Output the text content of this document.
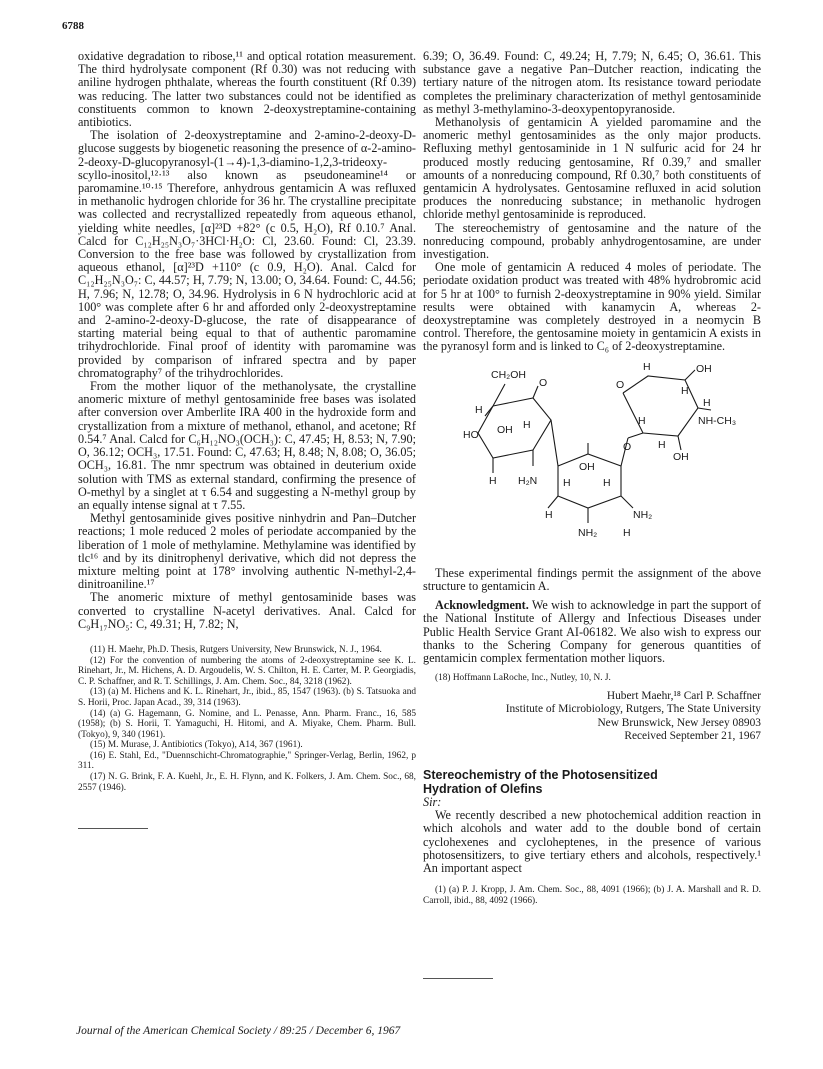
6788

oxidative degradation to ribose,¹¹ and optical rotation measurement. The third hydrolysate component (Rf 0.30) was not reducing with aniline hydrogen phthalate, whereas the fourth constituent (Rf 0.39) was reducing. The latter two substances could not be identified as constituents common to known 2-deoxystreptamine-containing antibiotics.

The isolation of 2-deoxystreptamine and 2-amino-2-deoxy-D-glucose suggests by biogenetic reasoning the presence of α-2-amino-2-deoxy-D-glucopyranosyl-(1→4)-1,3-diamino-1,2,3-trideoxy-scyllo-inositol,¹²·¹³ also known as pseudoneamine¹⁴ or paromamine.¹⁰·¹⁵ Therefore, anhydrous gentamicin A was refluxed in methanolic hydrogen chloride for 36 hr. The crystalline precipitate was collected and recrystallized repeatedly from aqueous ethanol, yielding white needles, [α]²³D +82° (c 0.5, H₂O), Rf 0.10.⁷ Anal. Calcd for C₁₂H₂₅N₃O₇·3HCl·H₂O: Cl, 23.60. Found: Cl, 23.39. Conversion to the free base was followed by crystallization from aqueous ethanol, [α]²³D +110° (c 0.9, H₂O). Anal. Calcd for C₁₂H₂₅N₃O₇: C, 44.57; H, 7.79; N, 13.00; O, 34.64. Found: C, 44.56; H, 7.96; N, 12.78; O, 34.96. Hydrolysis in 6 N hydrochloric acid at 100° was complete after 6 hr and afforded only 2-deoxystreptamine and 2-amino-2-deoxy-D-glucose, the rate of disappearance of starting material being equal to that of authentic paromamine trihydrochloride. Final proof of identity with paromamine was provided by comparison of infrared spectra and by paper chromatography⁷ of the trihydrochlorides.

From the mother liquor of the methanolysate, the crystalline anomeric mixture of methyl gentosaminide free bases was isolated after conversion over Amberlite IRA 400 in the hydroxide form and crystallization from a mixture of methanol, ethanol, and acetone; Rf 0.54.⁷ Anal. Calcd for C₆H₁₂NO₃(OCH₃): C, 47.45; H, 8.53; N, 7.90; O, 36.12; OCH₃, 17.51. Found: C, 47.63; H, 8.48; N, 8.08; O, 36.05; OCH₃, 16.81. The nmr spectrum was obtained in deuterium oxide solution with TMS as external standard, confirming the presence of O-methyl by a singlet at τ 6.54 and suggesting a N-methyl group by an equally intense signal at τ 7.55.

Methyl gentosaminide gives positive ninhydrin and Pan–Dutcher reactions; 1 mole reduced 2 moles of periodate accompanied by the liberation of 1 mole of methylamine. Methylamine was identified by tlc¹⁶ and by its dinitrophenyl derivative, which did not depress the mixture melting point at 178° involving authentic N-methyl-2,4-dinitroaniline.¹⁷

The anomeric mixture of methyl gentosaminide bases was converted to crystalline N-acetyl derivatives. Anal. Calcd for C₉H₁₇NO₅: C, 49.31; H, 7.82; N,

(11) H. Maehr, Ph.D. Thesis, Rutgers University, New Brunswick, N. J., 1964.

(12) For the convention of numbering the atoms of 2-deoxystreptamine see K. L. Rinehart, Jr., M. Hichens, A. D. Argoudelis, W. S. Chilton, H. E. Carter, M. P. Georgiadis, C. P. Schaffner, and R. T. Schillings, J. Am. Chem. Soc., 84, 3218 (1962).

(13) (a) M. Hichens and K. L. Rinehart, Jr., ibid., 85, 1547 (1963). (b) S. Tatsuoka and S. Horii, Proc. Japan Acad., 39, 314 (1963).

(14) (a) G. Hagemann, G. Nomine, and L. Penasse, Ann. Pharm. Franc., 16, 585 (1958); (b) S. Horii, T. Yamaguchi, H. Hitomi, and A. Miyake, Chem. Pharm. Bull. (Tokyo), 9, 340 (1961).

(15) M. Murase, J. Antibiotics (Tokyo), A14, 367 (1961).

(16) E. Stahl, Ed., "Duennschicht-Chromatographie," Springer-Verlag, Berlin, 1962, p 311.

(17) N. G. Brink, F. A. Kuehl, Jr., E. H. Flynn, and K. Folkers, J. Am. Chem. Soc., 68, 2557 (1946).

6.39; O, 36.49. Found: C, 49.24; H, 7.79; N, 6.45; O, 36.61. This substance gave a negative Pan–Dutcher reaction, indicating the tertiary nature of the nitrogen atom. Its resistance toward periodate completes the preliminary characterization of methyl gentosaminide as methyl 3-methylamino-3-deoxypentopyranoside.

Methanolysis of gentamicin A yielded paromamine and the anomeric methyl gentosaminides as the only major products. Refluxing methyl gentosaminide in 1 N sulfuric acid for 24 hr produced mostly reducing gentosamine, Rf 0.39,⁷ and smaller amounts of a nonreducing compound, Rf 0.30,⁷ both constituents of gentamicin A hydrolysates. Gentosamine refluxed in acid solution produces the nonreducing substance; in methanolic hydrogen chloride methyl gentosaminide is reproduced.

The stereochemistry of gentosamine and the nature of the nonreducing compound, probably anhydrogentosamine, are under investigation.

One mole of gentamicin A reduced 4 moles of periodate. The periodate oxidation product was treated with 48% hydrobromic acid for 5 hr at 100° to furnish 2-deoxystreptamine in 90% yield. Similar results were obtained with kanamycin A, whereas 2-deoxystreptamine was completely destroyed in a neomycin B control. Therefore, the gentosamine moiety in gentamicin A exists in the pyranosyl form and is linked to C₆ of 2-deoxystreptamine.

CH₂OH
H
O
OH
HO
H
H H₂N
OH
H	H
NH₂
NH₂ H
H
O
O
H	OH
H
H
NH-CH₃
H
OH
H

These experimental findings permit the assignment of the above structure to gentamicin A.

Acknowledgment. We wish to acknowledge in part the support of the National Institute of Allergy and Infectious Diseases under Public Health Service Grant AI-06182. We also wish to express our thanks to the Schering Company for generous quantities of gentamicin complex fermentation mother liquors.

(18) Hoffmann LaRoche, Inc., Nutley, 10, N. J.

Hubert Maehr,¹⁸ Carl P. Schaffner

Institute of Microbiology, Rutgers, The State University

New Brunswick, New Jersey 08903

Received September 21, 1967

Stereochemistry of the Photosensitized

Hydration of Olefins

Sir:

We recently described a new photochemical addition reaction in which alcohols and water add to the double bond of certain cyclohexenes and cycloheptenes, in the presence of various photosensitizers, to give tertiary ethers and alcohols, respectively.¹ An important aspect

(1) (a) P. J. Kropp, J. Am. Chem. Soc., 88, 4091 (1966); (b) J. A. Marshall and R. D. Carroll, ibid., 88, 4092 (1966).

Journal of the American Chemical Society / 89:25 / December 6, 1967
